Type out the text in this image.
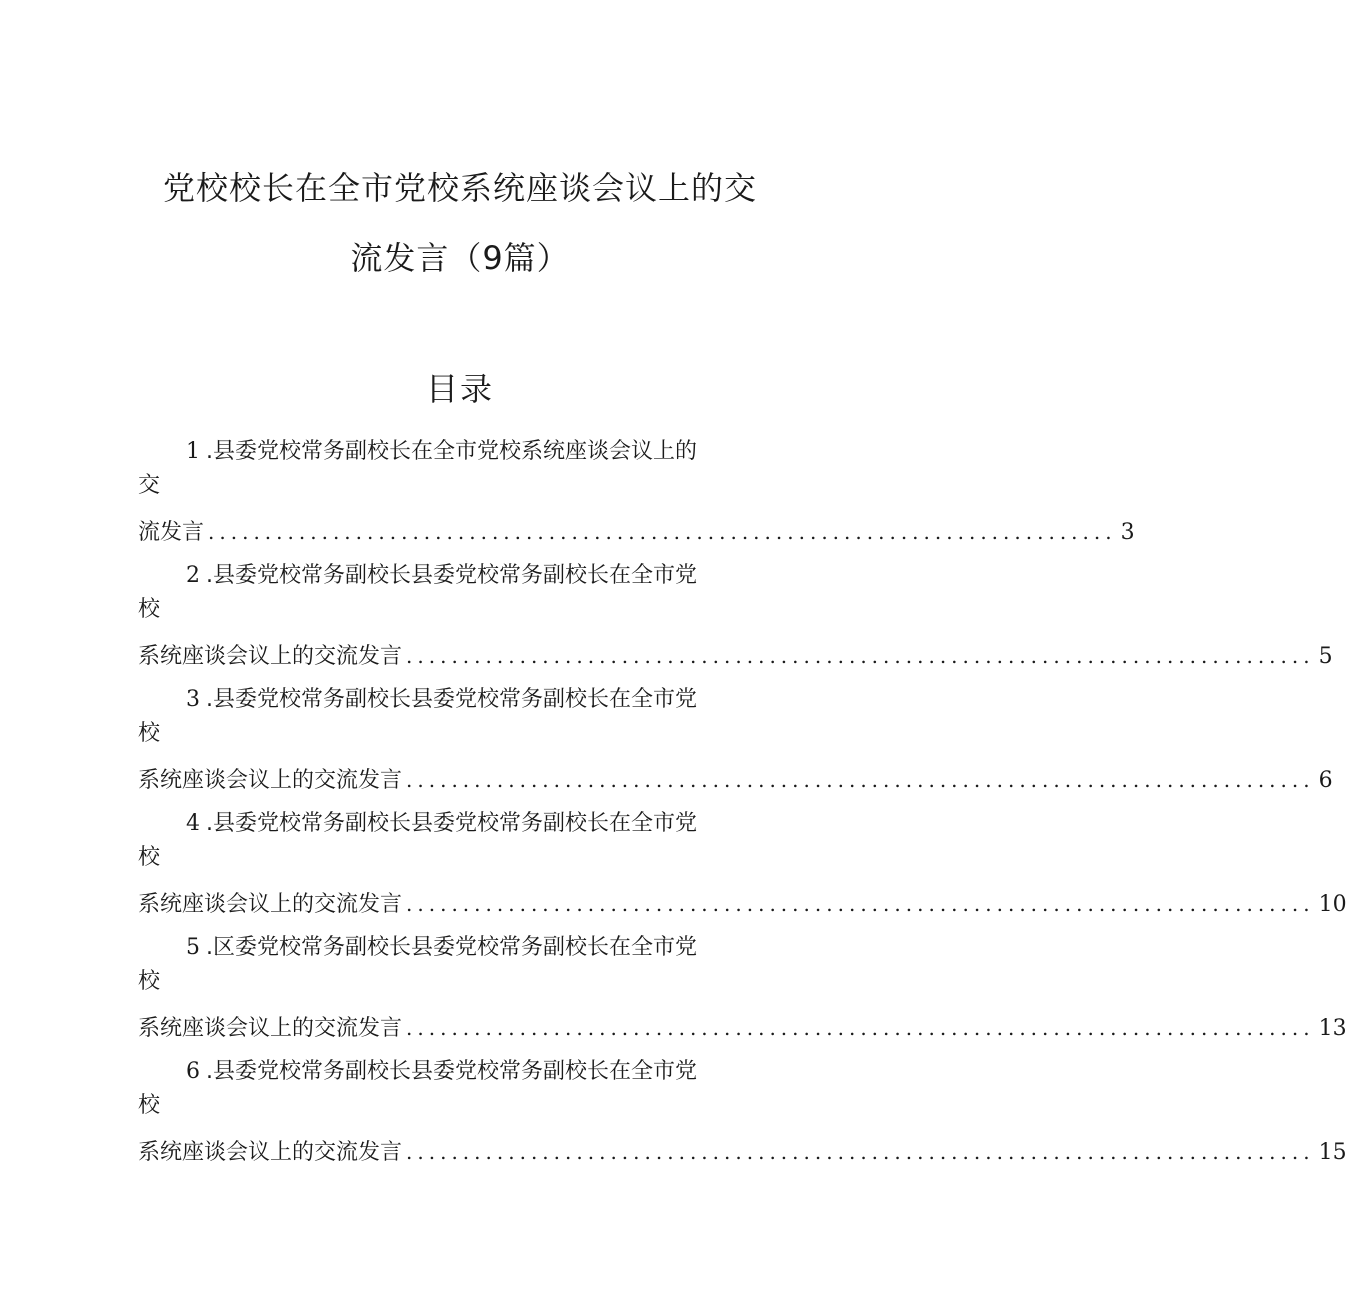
党校校长在全市党校系统座谈会议上的交
流发言（9篇）
目录
1 .县委党校常务副校长在全市党校系统座谈会议上的
交
流发言 ................................................................................ 3
2 .县委党校常务副校长县委党校常务副校长在全市党
校
系统座谈会议上的交流发言 ................................................................................ 5
3 .县委党校常务副校长县委党校常务副校长在全市党
校
系统座谈会议上的交流发言 ................................................................................ 6
4 .县委党校常务副校长县委党校常务副校长在全市党
校
系统座谈会议上的交流发言 ................................................................................ 10
5 .区委党校常务副校长县委党校常务副校长在全市党
校
系统座谈会议上的交流发言 ................................................................................ 13
6 .县委党校常务副校长县委党校常务副校长在全市党
校
系统座谈会议上的交流发言 ................................................................................ 15
